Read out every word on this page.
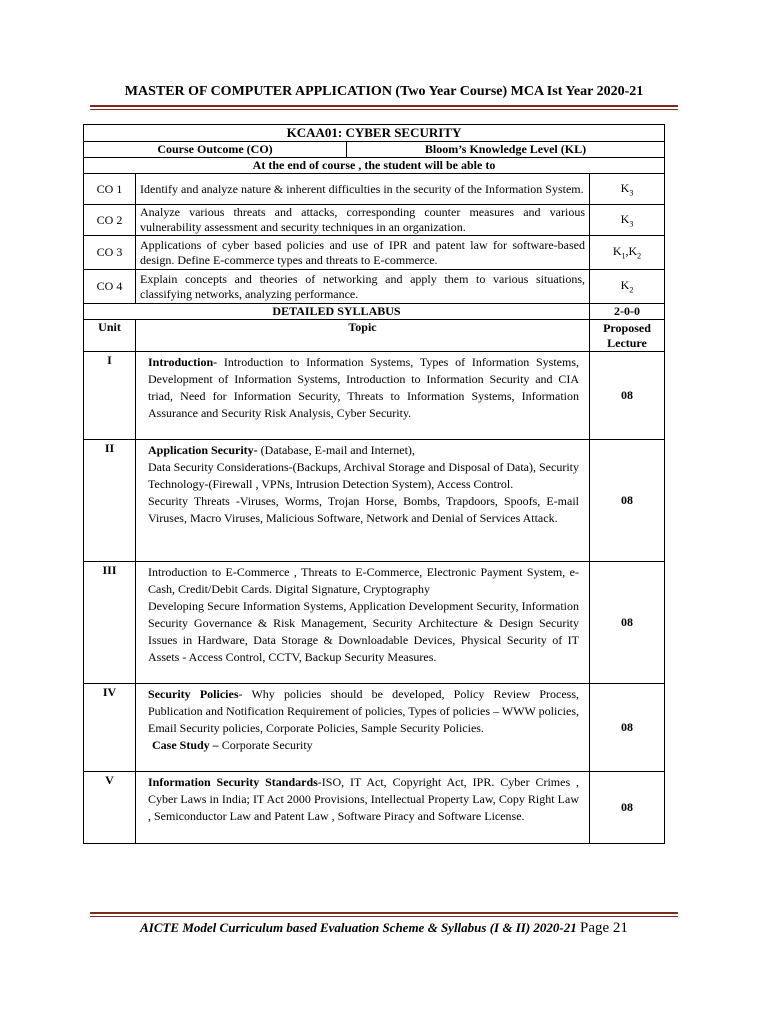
MASTER OF COMPUTER APPLICATION (Two Year Course) MCA Ist Year 2020-21
KCAA01: CYBER SECURITY		

Course Outcome (CO) Bloom’s Knowledge Level (KL)		

At the end of course , the student will be able to		
CO 1	Identify and analyze nature & inherent difficulties in the security of the Information System.	$K_3$
CO 2	Analyze various threats and attacks, corresponding counter measures and various vulnerability assessment and security techniques in an organization.	$K_3$
CO 3	Applications of cyber based policies and use of IPR and patent law for software-based design. Define E-commerce types and threats to E-commerce.	$K_1,K_2$
CO 4	Explain concepts and theories of networking and apply them to various situations, classifying networks, analyzing performance.	$K_2$
DETAILED SYLLABUS		2-0-0
Unit	Topic	Proposed Lecture
I	Introduction- Introduction to Information Systems, Types of Information Systems, Development of Information Systems, Introduction to Information Security and CIA triad, Need for Information Security, Threats to Information Systems, Information Assurance and Security Risk Analysis, Cyber Security.	08
II	Application Security- (Database, E-mail and Internet),

Data Security Considerations-(Backups, Archival Storage and Disposal of Data), Security Technology-(Firewall , VPNs, Intrusion Detection System), Access Control.

Security Threats -Viruses, Worms, Trojan Horse, Bombs, Trapdoors, Spoofs, E-mail Viruses, Macro Viruses, Malicious Software, Network and Denial of Services Attack.	08
III	Introduction to E-Commerce , Threats to E-Commerce, Electronic Payment System, e- Cash, Credit/Debit Cards. Digital Signature, Cryptography

Developing Secure Information Systems, Application Development Security, Information Security Governance & Risk Management, Security Architecture & Design Security Issues in Hardware, Data Storage & Downloadable Devices, Physical Security of IT Assets - Access Control, CCTV, Backup Security Measures.	08
IV	Security Policies- Why policies should be developed, Policy Review Process, Publication and Notification Requirement of policies, Types of policies – WWW policies, Email Security policies, Corporate Policies, Sample Security Policies.

Case Study – Corporate Security	08
V	Information Security Standards-ISO, IT Act, Copyright Act, IPR. Cyber Crimes , Cyber Laws in India; IT Act 2000 Provisions, Intellectual Property Law, Copy Right Law , Semiconductor Law and Patent Law , Software Piracy and Software License.	08
AICTE Model Curriculum based Evaluation Scheme & Syllabus (I & II) 2020-21 Page 21
